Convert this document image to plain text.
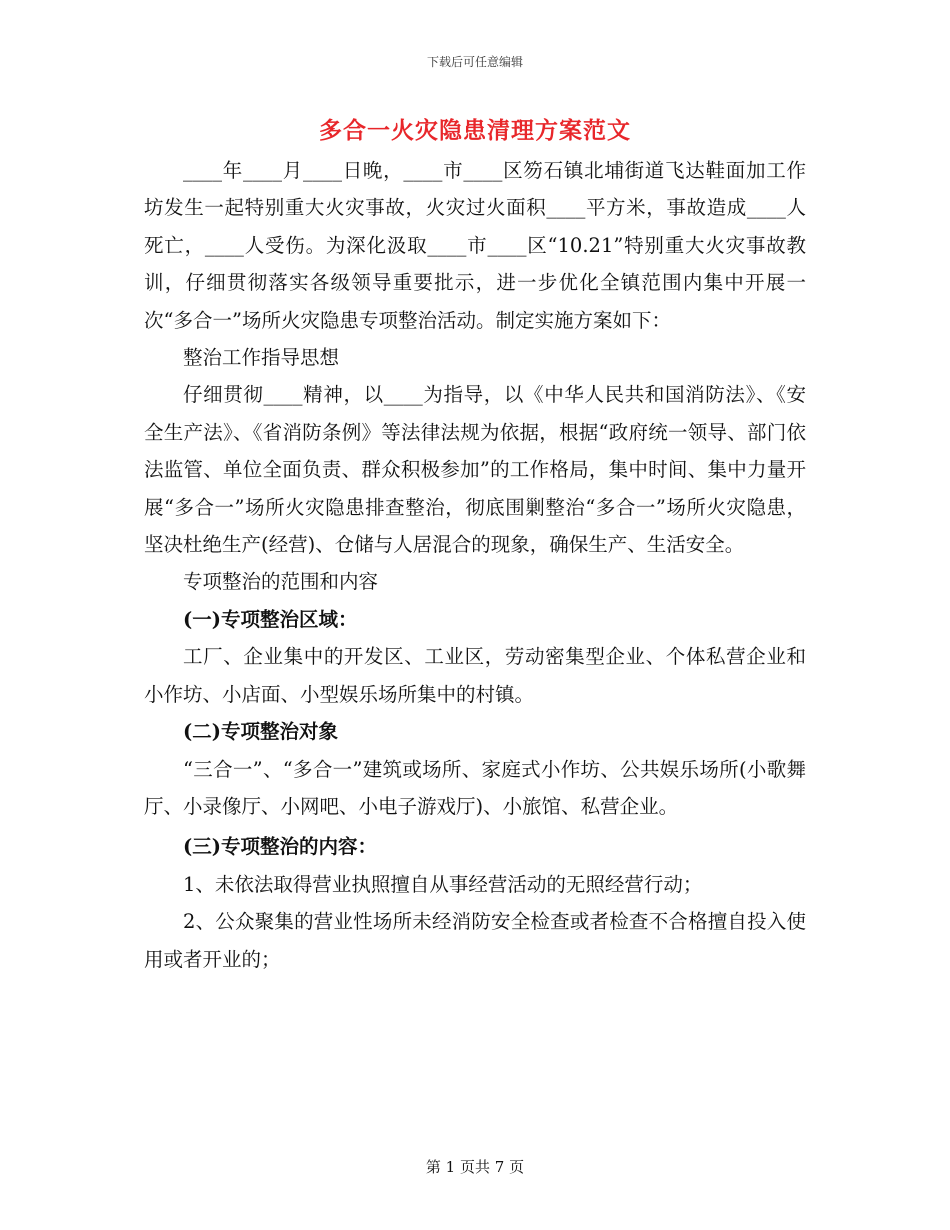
下载后可任意编辑
多合一火灾隐患清理方案范文

____年____月____日晚，____市____区笏石镇北埔街道飞达鞋面加工作坊发生一起特别重大火灾事故，火灾过火面积____平方米，事故造成____人死亡，____人受伤。为深化汲取____市____区“10.21”特别重大火灾事故教训，仔细贯彻落实各级领导重要批示，进一步优化全镇范围内集中开展一次“多合一”场所火灾隐患专项整治活动。制定实施方案如下：

整治工作指导思想

仔细贯彻____精神，以____为指导，以《中华人民共和国消防法》、《安全生产法》、《省消防条例》等法律法规为依据，根据“政府统一领导、部门依法监管、单位全面负责、群众积极参加”的工作格局，集中时间、集中力量开展“多合一”场所火灾隐患排查整治，彻底围剿整治“多合一”场所火灾隐患，坚决杜绝生产(经营)、仓储与人居混合的现象，确保生产、生活安全。

专项整治的范围和内容

(一)专项整治区域：

工厂、企业集中的开发区、工业区，劳动密集型企业、个体私营企业和小作坊、小店面、小型娱乐场所集中的村镇。

(二)专项整治对象

“三合一”、“多合一”建筑或场所、家庭式小作坊、公共娱乐场所(小歌舞厅、小录像厅、小网吧、小电子游戏厅)、小旅馆、私营企业。

(三)专项整治的内容：

1、未依法取得营业执照擅自从事经营活动的无照经营行动；

2、公众聚集的营业性场所未经消防安全检查或者检查不合格擅自投入使用或者开业的；

第 1 页共 7 页
